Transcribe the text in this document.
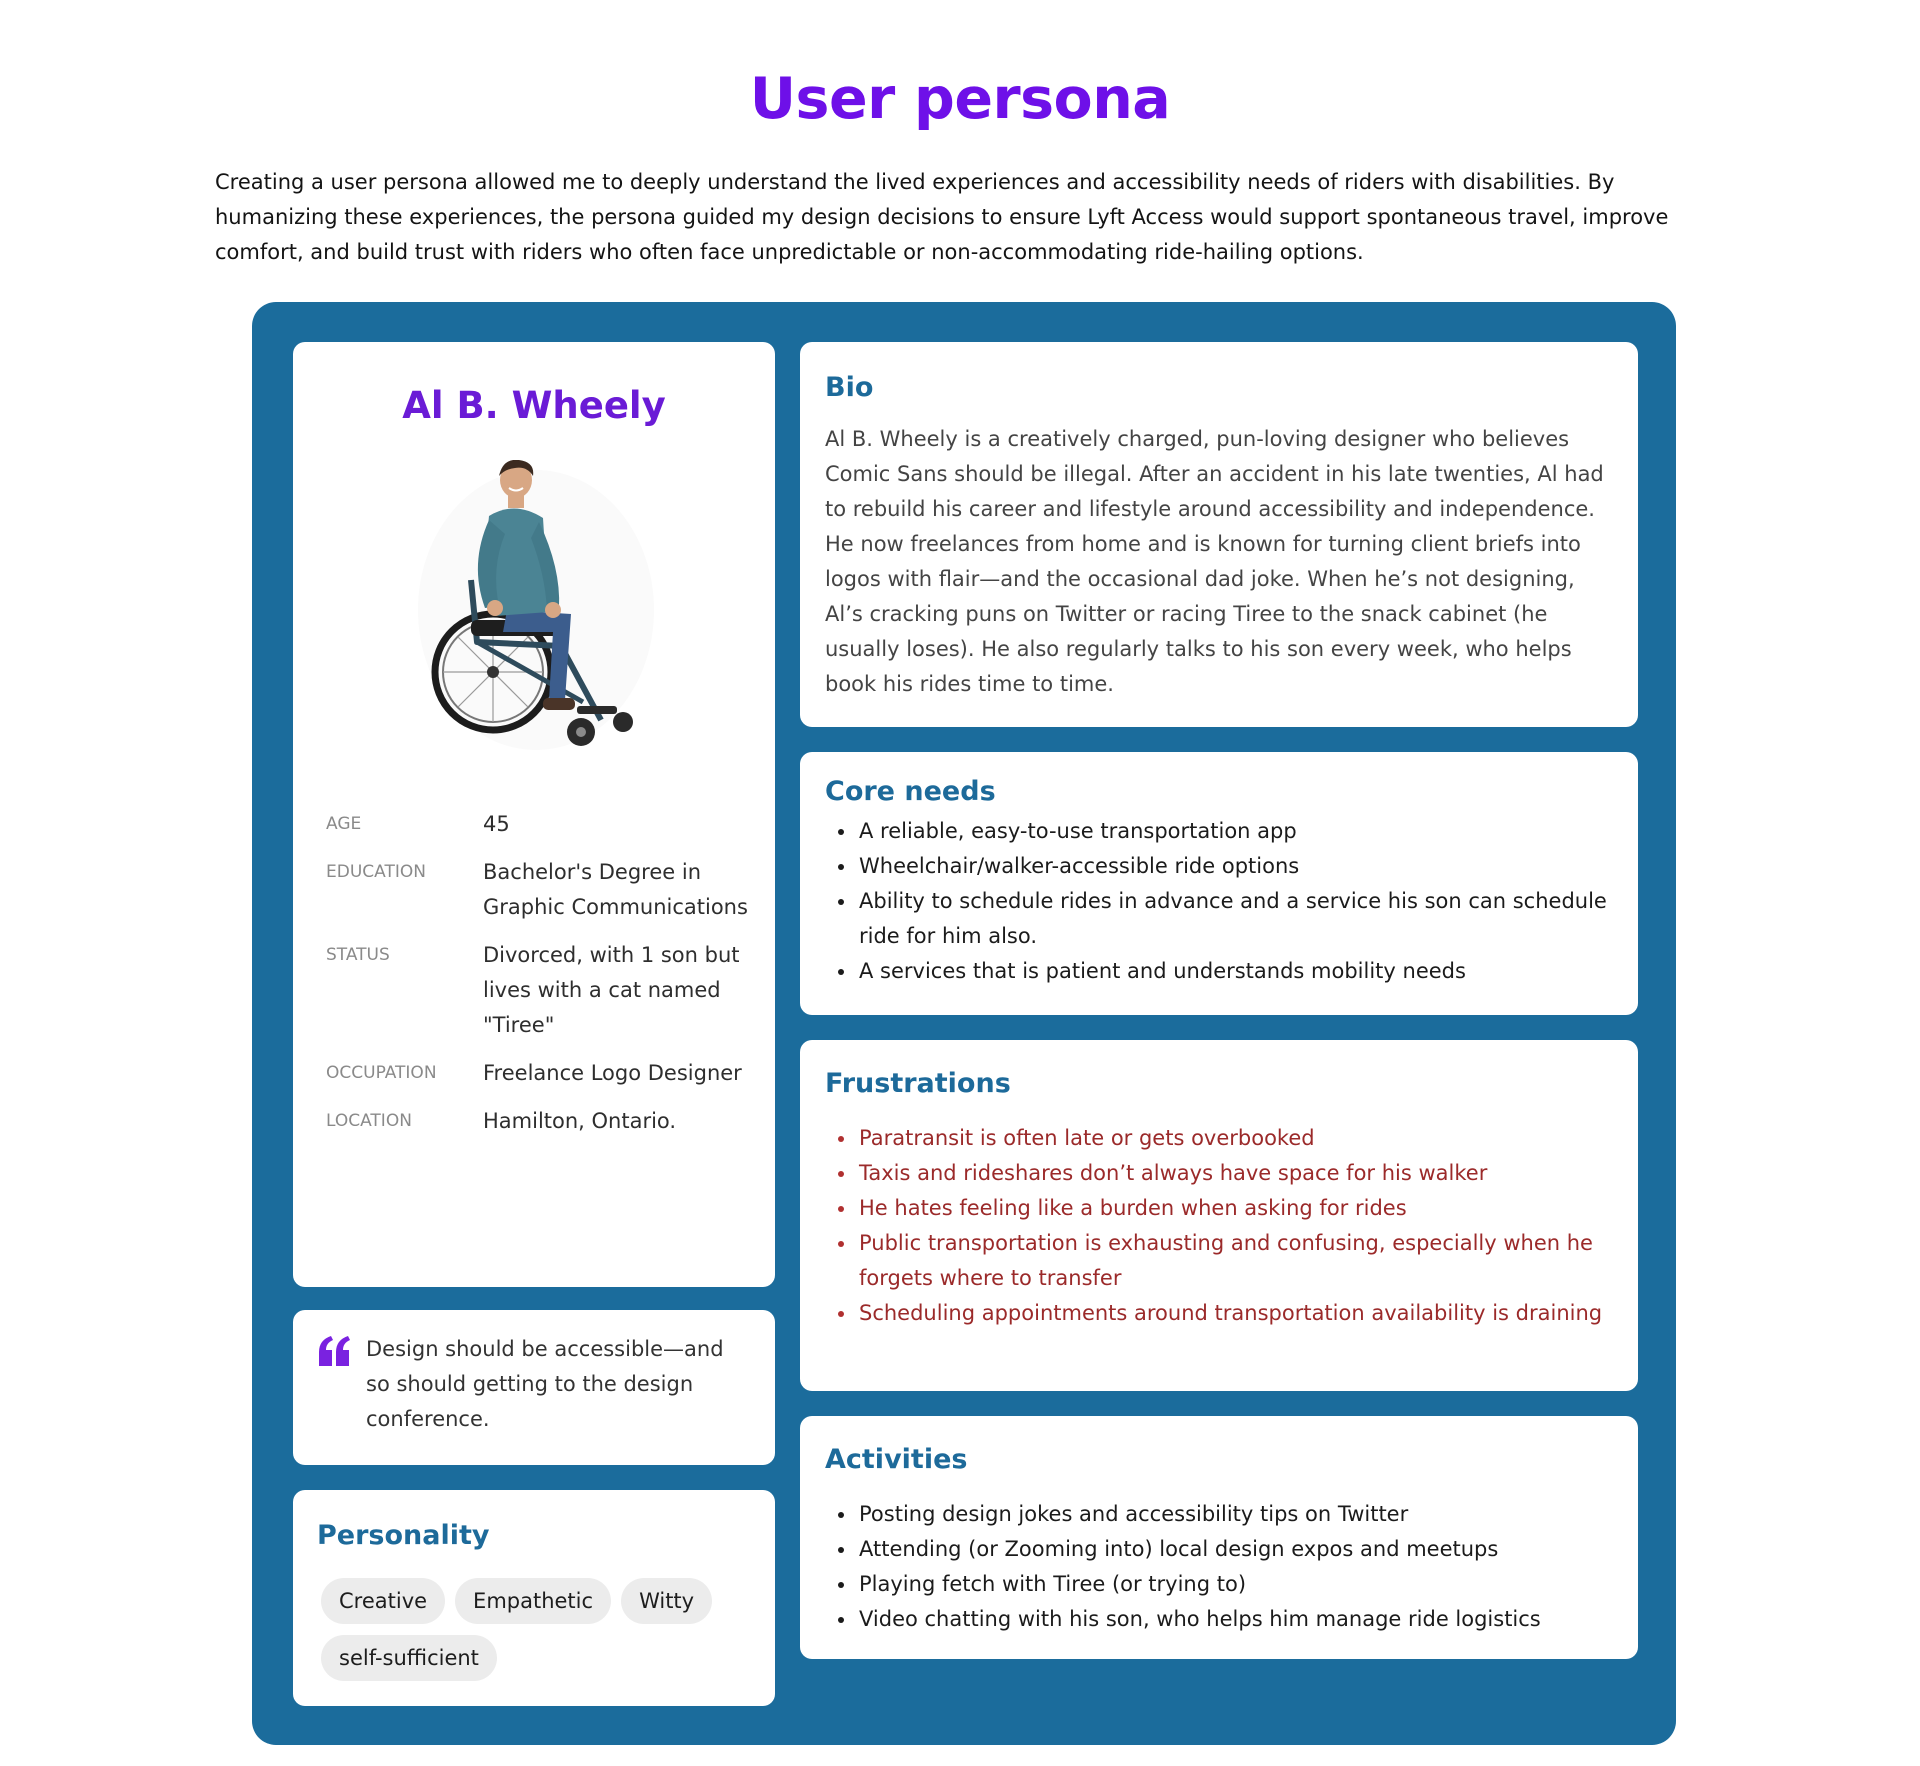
User persona

Creating a user persona allowed me to deeply understand the lived experiences and accessibility needs of riders with disabilities. By humanizing these experiences, the persona guided my design decisions to ensure Lyft Access would support spontaneous travel, improve comfort, and build trust with riders who often face unpredictable or non-accommodating ride-hailing options.

Al B. Wheely
AGE	45
EDUCATION	Bachelor's Degree in Graphic Communications
STATUS	Divorced, with 1 son but lives with a cat named "Tiree"
OCCUPATION	Freelance Logo Designer
LOCATION	Hamilton, Ontario.

Design should be accessible—and so should getting to the design conference.

Personality
Creative	Empathetic	Witty
self-sufficient
Bio

Al B. Wheely is a creatively charged, pun-loving designer who believes Comic Sans should be illegal. After an accident in his late twenties, Al had to rebuild his career and lifestyle around accessibility and independence. He now freelances from home and is known for turning client briefs into logos with flair—and the occasional dad joke. When he’s not designing, Al’s cracking puns on Twitter or racing Tiree to the snack cabinet (he usually loses). He also regularly talks to his son every week, who helps book his rides time to time.

Core needs
A reliable, easy-to-use transportation app
Wheelchair/walker-accessible ride options
Ability to schedule rides in advance and a service his son can schedule ride for him also.
A services that is patient and understands mobility needs
Frustrations
Paratransit is often late or gets overbooked
Taxis and rideshares don’t always have space for his walker
He hates feeling like a burden when asking for rides
Public transportation is exhausting and confusing, especially when he forgets where to transfer
Scheduling appointments around transportation availability is draining
Activities
Posting design jokes and accessibility tips on Twitter
Attending (or Zooming into) local design expos and meetups
Playing fetch with Tiree (or trying to)
Video chatting with his son, who helps him manage ride logistics
